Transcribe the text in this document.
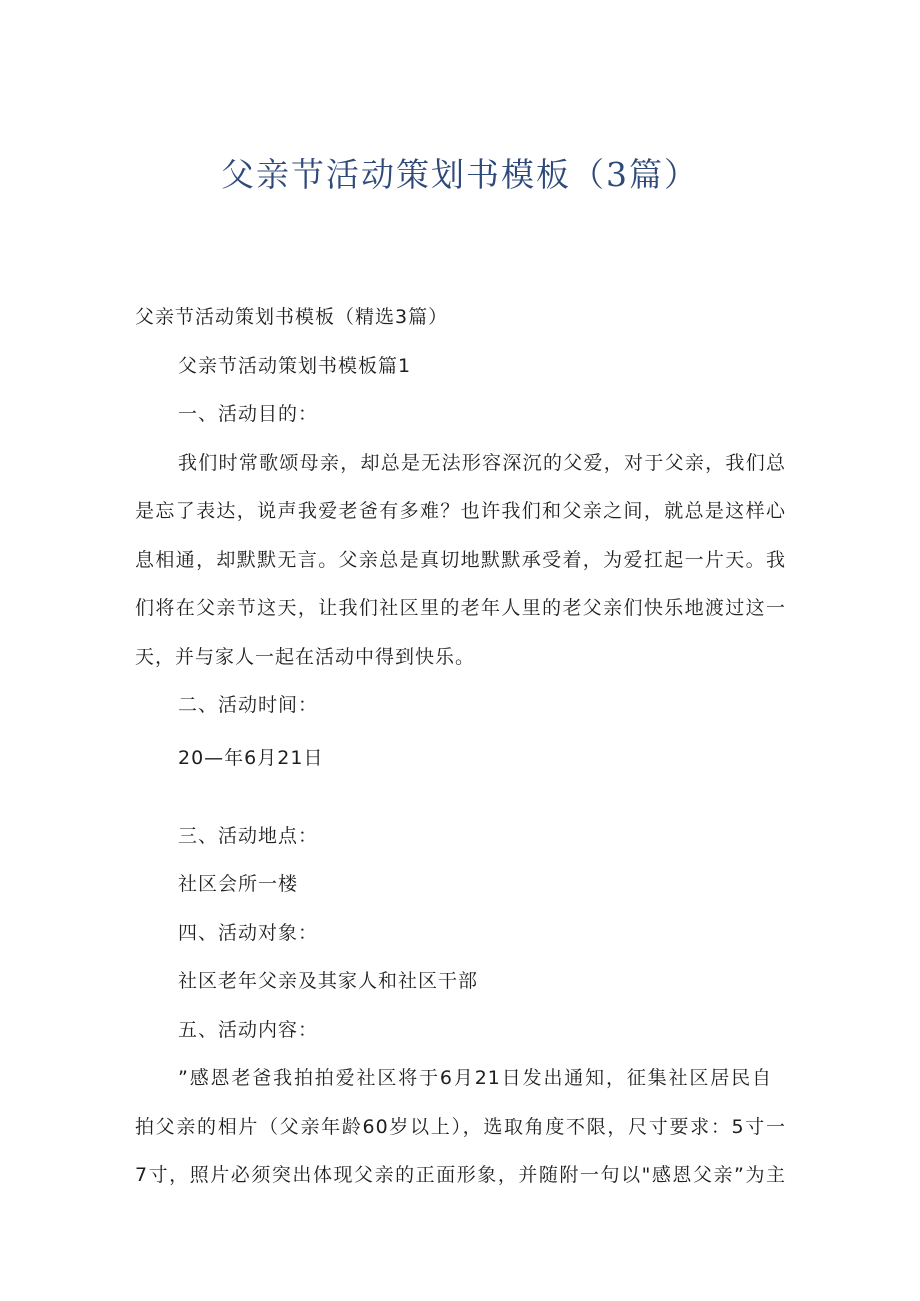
父亲节活动策划书模板（3篇）
父亲节活动策划书模板（精选3篇）
父亲节活动策划书模板篇1
一、活动目的：
我们时常歌颂母亲，却总是无法形容深沉的父爱，对于父亲，我们总
是忘了表达，说声我爱老爸有多难？也许我们和父亲之间，就总是这样心
息相通，却默默无言。父亲总是真切地默默承受着，为爱扛起一片天。我
们将在父亲节这天，让我们社区里的老年人里的老父亲们快乐地渡过这一
天，并与家人一起在活动中得到快乐。
二、活动时间：
20—年6月21日
三、活动地点：
社区会所一楼
四、活动对象：
社区老年父亲及其家人和社区干部
五、活动内容：
”感恩老爸我拍拍爱社区将于6月21日发出通知，征集社区居民自
拍父亲的相片（父亲年龄60岁以上），选取角度不限，尺寸要求：5寸一
7寸，照片必须突出体现父亲的正面形象，并随附一句以"感恩父亲”为主
